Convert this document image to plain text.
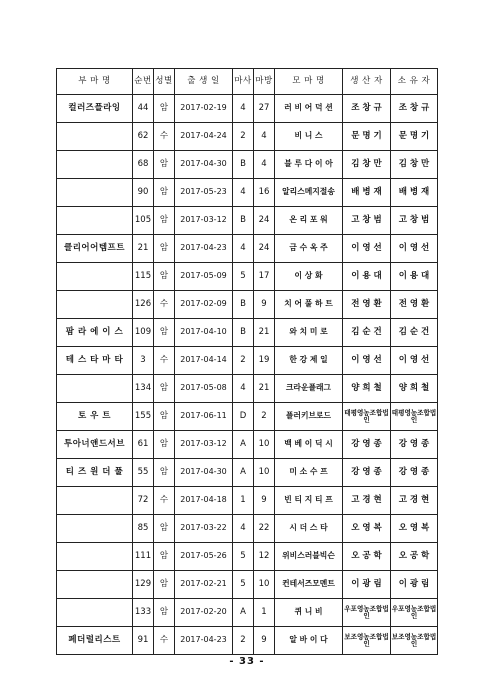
부 마 명	순번	성별	출 생 일	마사	마방	모 마 명	생 산 자	소 유 자
컬러즈플라잉	44	암	2017-02-19	4	27	러 비 어 덕 션	조 창 규	조 창 규
	62	수	2017-04-24	2	4	비 니 스	문 명 기	문 명 기
	68	암	2017-04-30	B	4	블 루 다 이 아	김 창 만	김 창 만
	90	암	2017-05-23	4	16	알리스메지절송	배 병 재	배 병 재
	105	암	2017-03-12	B	24	온 리 포 워	고 창 범	고 창 범
클리어어템프트	21	암	2017-04-23	4	24	금 수 옥 주	이 영 선	이 영 선
	115	암	2017-05-09	5	17	이 상 화	이 용 대	이 용 대
	126	수	2017-02-09	B	9	치 어 풀 하 트	전 영 환	전 영 환
팜 라 에 이 스	109	암	2017-04-10	B	21	와 치 미 로	김 순 건	김 순 건
테 스 타 마 타	3	수	2017-04-14	2	19	한 강 제 일	이 영 선	이 영 선
	134	암	2017-05-08	4	21	크라운플래그	양 희 철	양 희 철
토 우 트	155	암	2017-06-11	D	2	플러키브로드	태평영농조합법인	태평영농조합법인
투아너앤드서브	61	암	2017-03-12	A	10	백 베 이 딕 시	강 영 종	강 영 종
티 즈 원 더 풀	55	암	2017-04-30	A	10	미 소 수 프	강 영 종	강 영 종
	72	수	2017-04-18	1	9	빈 티 지 티 프	고 경 현	고 경 현
	85	암	2017-03-22	4	22	시 더 스 타	오 영 복	오 영 복
	111	암	2017-05-26	5	12	위비스러블빅슨	오 공 학	오 공 학
	129	암	2017-02-21	5	10	컨테서즈모멘트	이 광 림	이 광 림
	133	암	2017-02-20	A	1	퀴 니 비	우포영농조합법인	우포영농조합법인
페더럴리스트	91	수	2017-04-23	2	9	알 바 이 다	보조영농조합법인	보조영농조합법인
- 33 -
